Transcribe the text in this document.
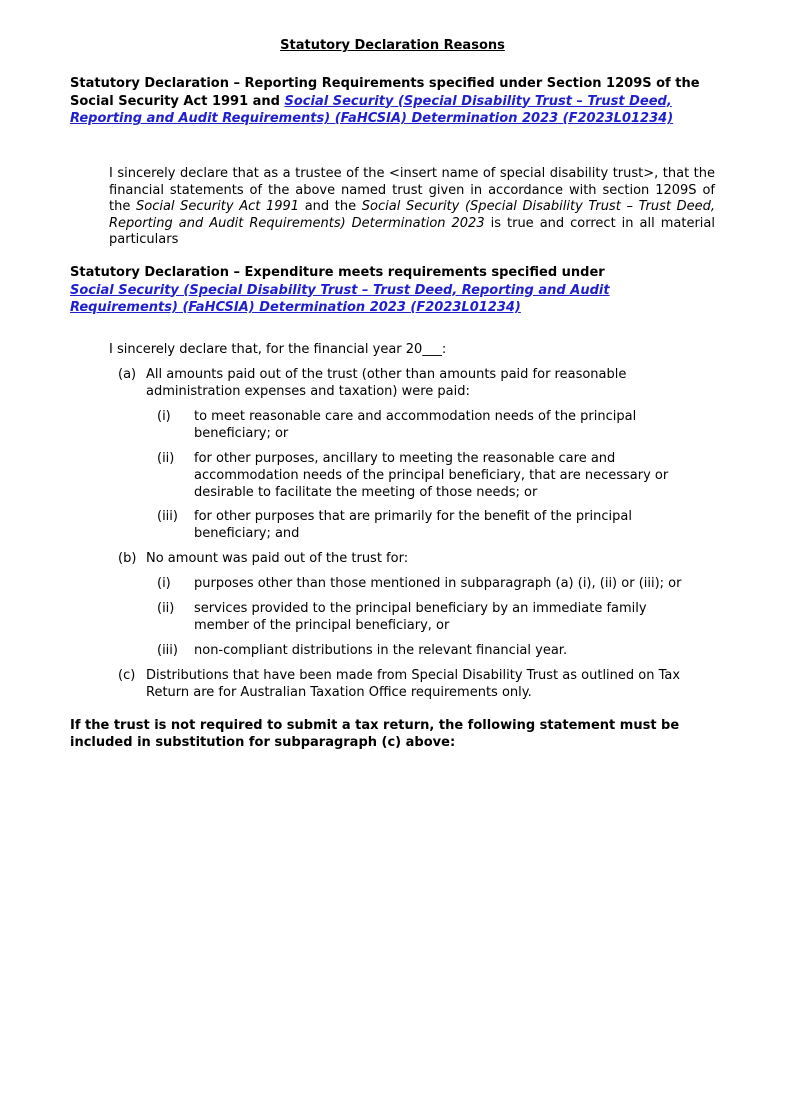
Statutory Declaration Reasons

Statutory Declaration – Reporting Requirements specified under Section 1209S of the Social Security Act 1991 and Social Security (Special Disability Trust – Trust Deed, Reporting and Audit Requirements) (FaHCSIA) Determination 2023 (F2023L01234)

I sincerely declare that as a trustee of the <insert name of special disability trust>, that the financial statements of the above named trust given in accordance with section 1209S of the Social Security Act 1991 and the Social Security (Special Disability Trust – Trust Deed, Reporting and Audit Requirements) Determination 2023 is true and correct in all material particulars

Statutory Declaration – Expenditure meets requirements specified under
Social Security (Special Disability Trust – Trust Deed, Reporting and Audit Requirements) (FaHCSIA) Determination 2023 (F2023L01234)

I sincerely declare that, for the financial year 20___:

(a) All amounts paid out of the trust (other than amounts paid for reasonable administration expenses and taxation) were paid:
(i) to meet reasonable care and accommodation needs of the principal beneficiary; or
(ii) for other purposes, ancillary to meeting the reasonable care and accommodation needs of the principal beneficiary, that are necessary or desirable to facilitate the meeting of those needs; or
(iii) for other purposes that are primarily for the benefit of the principal beneficiary; and
(b) No amount was paid out of the trust for:
(i) purposes other than those mentioned in subparagraph (a) (i), (ii) or (iii); or
(ii) services provided to the principal beneficiary by an immediate family member of the principal beneficiary, or
(iii) non-compliant distributions in the relevant financial year.
(c) Distributions that have been made from Special Disability Trust as outlined on Tax Return are for Australian Taxation Office requirements only.

If the trust is not required to submit a tax return, the following statement must be included in substitution for subparagraph (c) above:
